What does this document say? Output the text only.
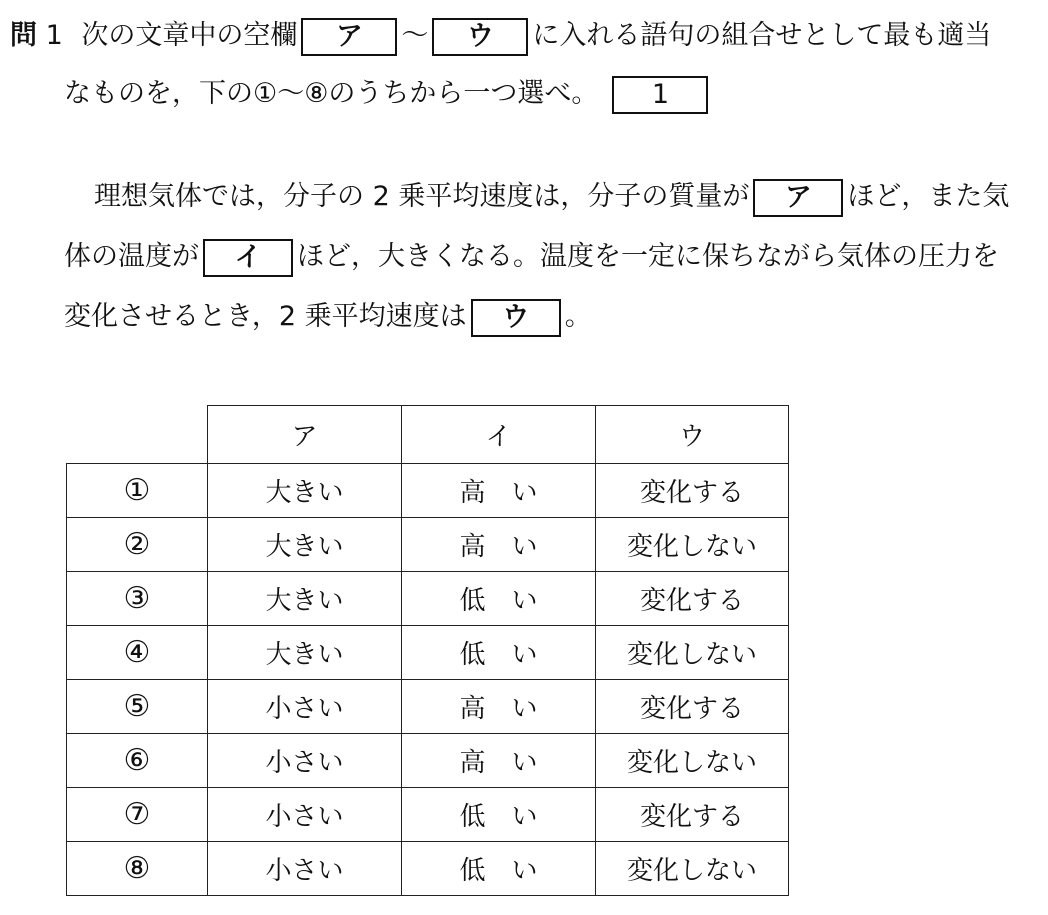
問 1 次の文章中の空欄 ア 〜 ウ に入れる語句の組合せとして最も適当
なものを，下の①〜⑧のうちから一つ選べ。 1
理想気体では，分子の 2 乗平均速度は，分子の質量が ア ほど，また気
体の温度が イ ほど，大きくなる。温度を一定に保ちながら気体の圧力を
変化させるとき，2 乗平均速度は ウ 。
	ア	イ	ウ
①	大きい	高　い	変化する
②	大きい	高　い	変化しない
③	大きい	低　い	変化する
④	大きい	低　い	変化しない
⑤	小さい	高　い	変化する
⑥	小さい	高　い	変化しない
⑦	小さい	低　い	変化する
⑧	小さい	低　い	変化しない
